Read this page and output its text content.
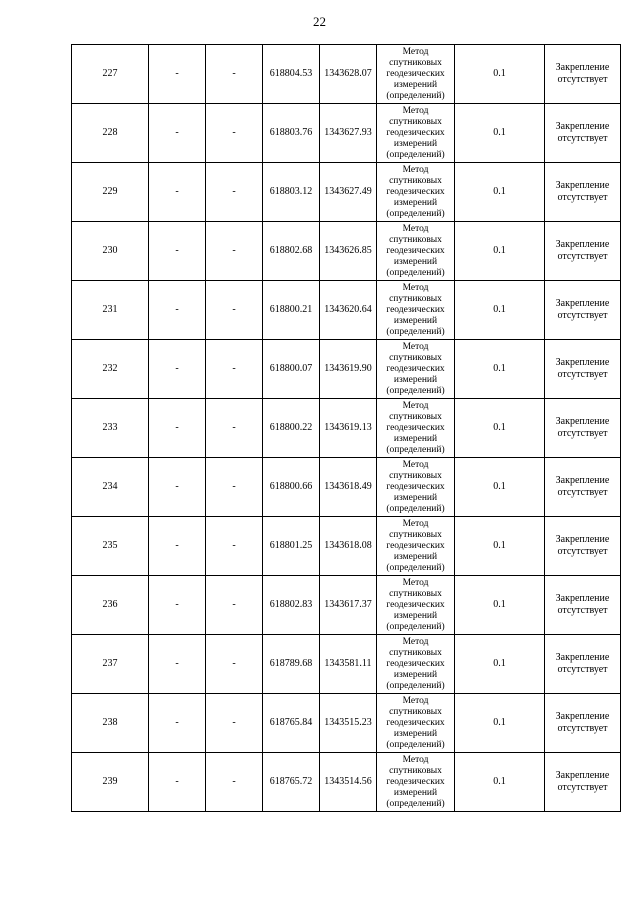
22
227	-	-	618804.53	1343628.07	Метод спутниковых геодезических измерений (определений)	0.1	Закрепление отсутствует
228	-	-	618803.76	1343627.93	Метод спутниковых геодезических измерений (определений)	0.1	Закрепление отсутствует
229	-	-	618803.12	1343627.49	Метод спутниковых геодезических измерений (определений)	0.1	Закрепление отсутствует
230	-	-	618802.68	1343626.85	Метод спутниковых геодезических измерений (определений)	0.1	Закрепление отсутствует
231	-	-	618800.21	1343620.64	Метод спутниковых геодезических измерений (определений)	0.1	Закрепление отсутствует
232	-	-	618800.07	1343619.90	Метод спутниковых геодезических измерений (определений)	0.1	Закрепление отсутствует
233	-	-	618800.22	1343619.13	Метод спутниковых геодезических измерений (определений)	0.1	Закрепление отсутствует
234	-	-	618800.66	1343618.49	Метод спутниковых геодезических измерений (определений)	0.1	Закрепление отсутствует
235	-	-	618801.25	1343618.08	Метод спутниковых геодезических измерений (определений)	0.1	Закрепление отсутствует
236	-	-	618802.83	1343617.37	Метод спутниковых геодезических измерений (определений)	0.1	Закрепление отсутствует
237	-	-	618789.68	1343581.11	Метод спутниковых геодезических измерений (определений)	0.1	Закрепление отсутствует
238	-	-	618765.84	1343515.23	Метод спутниковых геодезических измерений (определений)	0.1	Закрепление отсутствует
239	-	-	618765.72	1343514.56	Метод спутниковых геодезических измерений (определений)	0.1	Закрепление отсутствует
